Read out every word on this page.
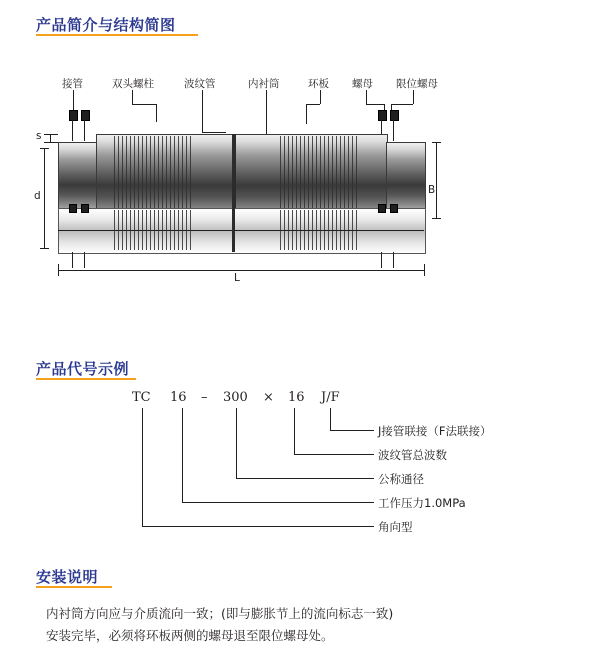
产品简介与结构简图
接管	双头螺柱	波纹管	内衬筒	环板 螺母 限位螺母
s
d	B
L
产品代号示例
TC 16 – 300 × 16 J/F
J接管联接（F法联接）
波纹管总波数
公称通径
工作压力1.0MPa
角向型
安装说明
内衬筒方向应与介质流向一致；(即与膨胀节上的流向标志一致)
安装完毕，必须将环板两侧的螺母退至限位螺母处。
